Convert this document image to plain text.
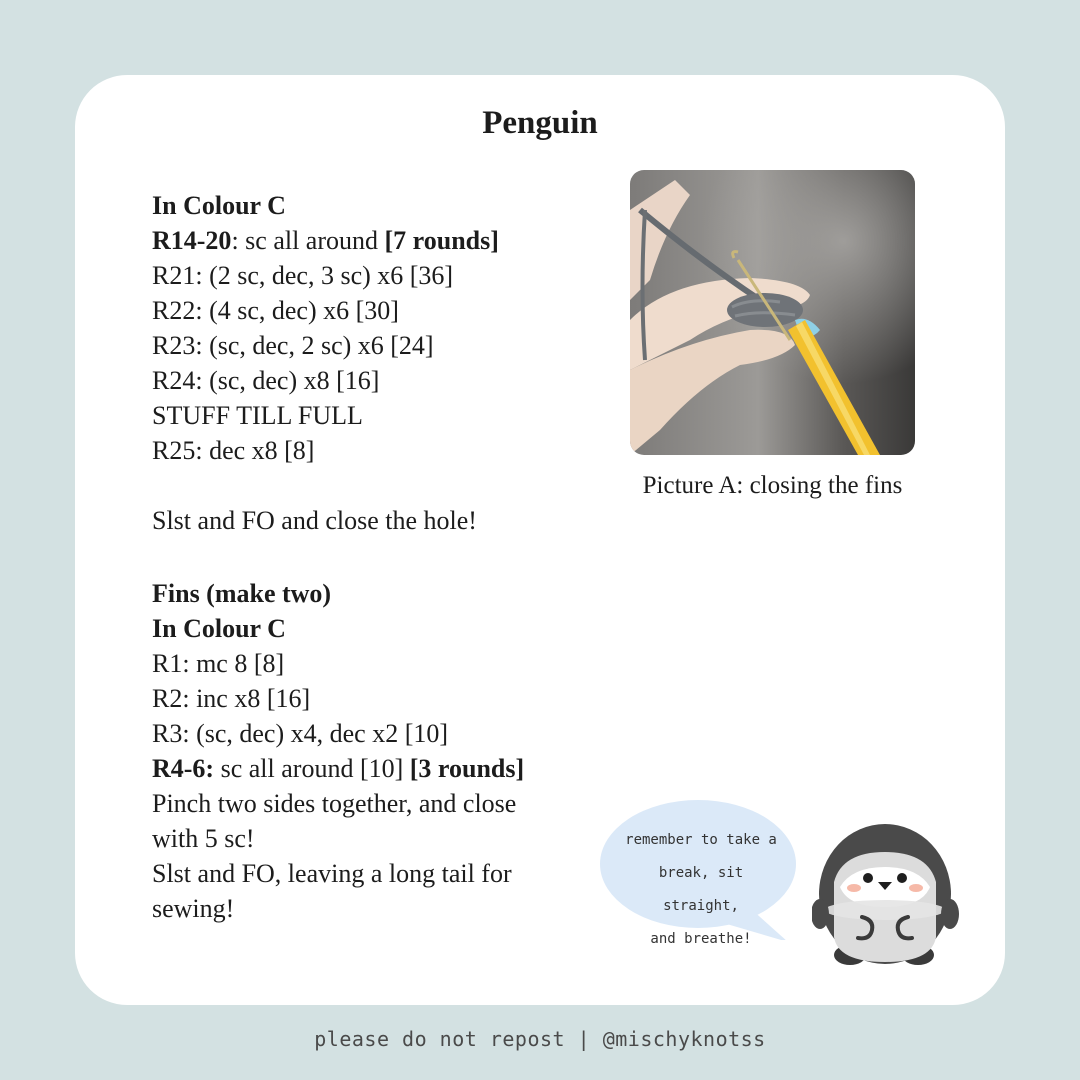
Penguin
In Colour C
R14-20: sc all around [7 rounds]
R21: (2 sc, dec, 3 sc) x6 [36]
R22: (4 sc, dec) x6 [30]
R23: (sc, dec, 2 sc) x6 [24]
R24: (sc, dec) x8 [16]
STUFF TILL FULL
R25: dec x8 [8]
Slst and FO and close the hole!
Fins (make two)
In Colour C
R1: mc 8 [8]
R2: inc x8 [16]
R3: (sc, dec) x4, dec x2 [10]
R4-6: sc all around [10] [3 rounds]
Pinch two sides together, and close
with 5 sc!
Slst and FO, leaving a long tail for
sewing!
Picture A: closing the fins
remember to take a
break, sit straight,
and breathe!
please do not repost | @mischyknotss
